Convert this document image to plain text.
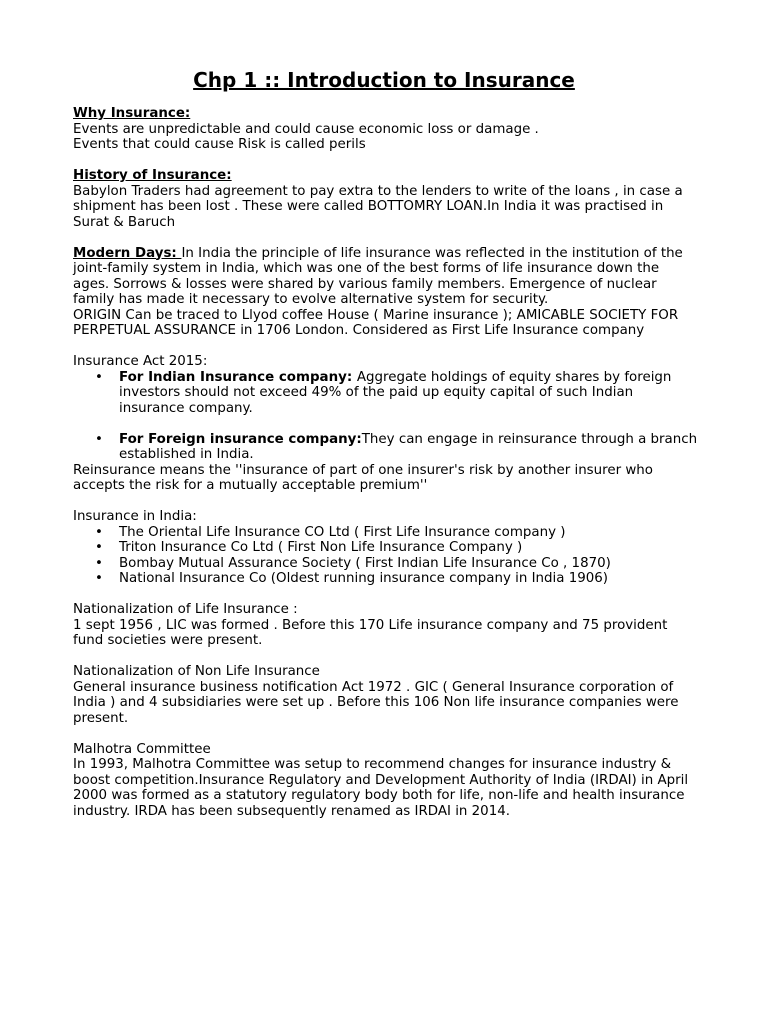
Chp 1 :: Introduction to Insurance

Why Insurance:

Events are unpredictable and could cause economic loss or damage .

Events that could cause Risk is called perils

History of Insurance:

Babylon Traders had agreement to pay extra to the lenders to write of the loans , in case a shipment has been lost . These were called BOTTOMRY LOAN.In India it was practised in Surat & Baruch

Modern Days: In India the principle of life insurance was reflected in the institution of the joint-family system in India, which was one of the best forms of life insurance down the ages. Sorrows & losses were shared by various family members. Emergence of nuclear family has made it necessary to evolve alternative system for security.

ORIGIN Can be traced to Llyod coffee House ( Marine insurance ); AMICABLE SOCIETY FOR PERPETUAL ASSURANCE in 1706 London. Considered as First Life Insurance company

Insurance Act 2015:

• For Indian Insurance company: Aggregate holdings of equity shares by foreign investors should not exceed 49% of the paid up equity capital of such Indian insurance company.
• For Foreign insurance company:They can engage in reinsurance through a branch established in India.

Reinsurance means the ''insurance of part of one insurer's risk by another insurer who accepts the risk for a mutually acceptable premium''

Insurance in India:

• The Oriental Life Insurance CO Ltd ( First Life Insurance company )
• Triton Insurance Co Ltd ( First Non Life Insurance Company )
• Bombay Mutual Assurance Society ( First Indian Life Insurance Co , 1870)
• National Insurance Co (Oldest running insurance company in India 1906)

Nationalization of Life Insurance :

1 sept 1956 , LIC was formed . Before this 170 Life insurance company and 75 provident fund societies were present.

Nationalization of Non Life Insurance

General insurance business notification Act 1972 . GIC ( General Insurance corporation of India ) and 4 subsidiaries were set up . Before this 106 Non life insurance companies were present.

Malhotra Committee

In 1993, Malhotra Committee was setup to recommend changes for insurance industry & boost competition.Insurance Regulatory and Development Authority of India (IRDAI) in April 2000 was formed as a statutory regulatory body both for life, non-life and health insurance industry. IRDA has been subsequently renamed as IRDAI in 2014.
